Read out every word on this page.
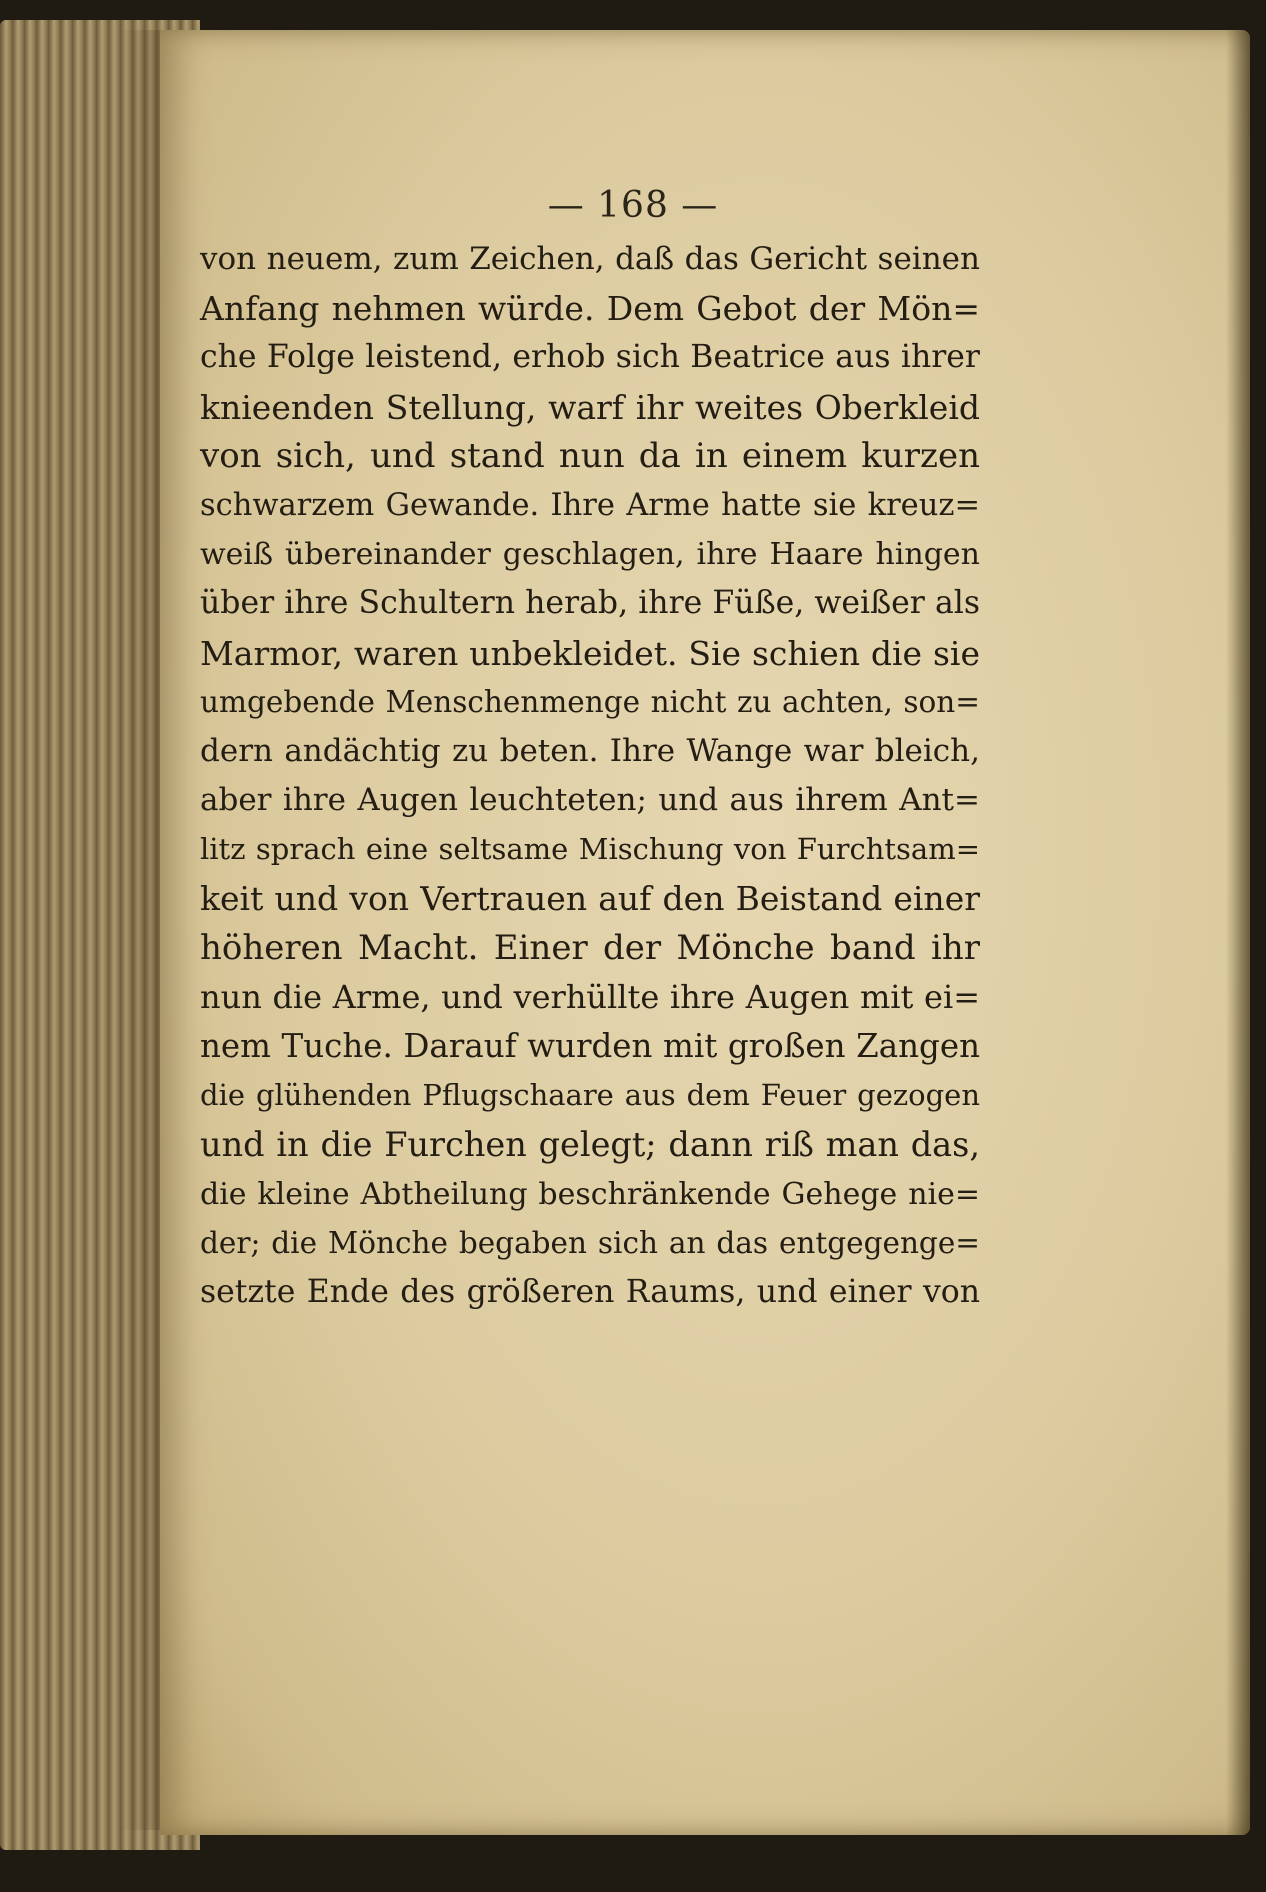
— 168 —
von neuem, zum Zeichen, daß das Gericht seinen
Anfang nehmen würde. Dem Gebot der Mön=
che Folge leistend, erhob sich Beatrice aus ihrer
knieenden Stellung, warf ihr weites Oberkleid
von sich, und stand nun da in einem kurzen
schwarzem Gewande. Ihre Arme hatte sie kreuz=
weiß übereinander geschlagen, ihre Haare hingen
über ihre Schultern herab, ihre Füße, weißer als
Marmor, waren unbekleidet. Sie schien die sie
umgebende Menschenmenge nicht zu achten, son=
dern andächtig zu beten. Ihre Wange war bleich,
aber ihre Augen leuchteten; und aus ihrem Ant=
litz sprach eine seltsame Mischung von Furchtsam=
keit und von Vertrauen auf den Beistand einer
höheren Macht. Einer der Mönche band ihr
nun die Arme, und verhüllte ihre Augen mit ei=
nem Tuche. Darauf wurden mit großen Zangen
die glühenden Pflugschaare aus dem Feuer gezogen
und in die Furchen gelegt; dann riß man das,
die kleine Abtheilung beschränkende Gehege nie=
der; die Mönche begaben sich an das entgegenge=
setzte Ende des größeren Raums, und einer von
